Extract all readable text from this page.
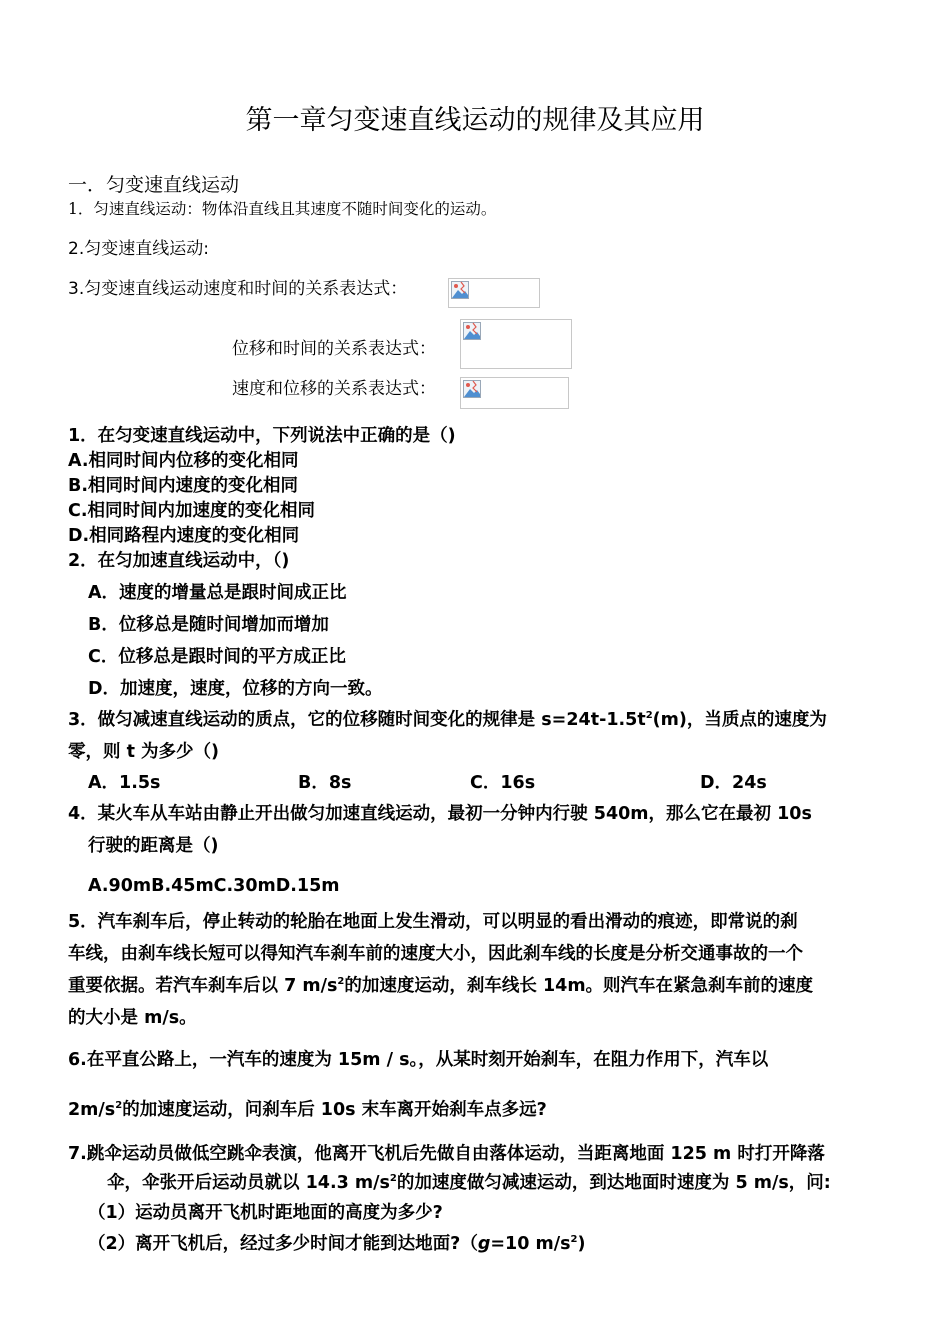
第一章匀变速直线运动的规律及其应用
一．匀变速直线运动
1．匀速直线运动：物体沿直线且其速度不随时间变化的运动。
2.匀变速直线运动:
3.匀变速直线运动速度和时间的关系表达式：
位移和时间的关系表达式：
速度和位移的关系表达式：
1．在匀变速直线运动中，下列说法中正确的是（)
A.相同时间内位移的变化相同
B.相同时间内速度的变化相同
C.相同时间内加速度的变化相同
D.相同路程内速度的变化相同
2．在匀加速直线运动中，（)
A．速度的增量总是跟时间成正比
B．位移总是随时间增加而增加
C．位移总是跟时间的平方成正比
D．加速度，速度，位移的方向一致。
3．做匀减速直线运动的质点，它的位移随时间变化的规律是 $s=24t-1.5t^2(m)$，当质点的速度为
零，则 t 为多少（)
A．1.5s	B．8s	C．16s	D．24s
4．某火车从车站由静止开出做匀加速直线运动，最初一分钟内行驶 540m，那么它在最初 10s
行驶的距离是（)
A.90mB.45mC.30mD.15m
5．汽车刹车后，停止转动的轮胎在地面上发生滑动，可以明显的看出滑动的痕迹，即常说的刹
车线，由刹车线长短可以得知汽车刹车前的速度大小，因此刹车线的长度是分析交通事故的一个
重要依据。若汽车刹车后以 7 $m/s^2$的加速度运动，刹车线长 14m。则汽车在紧急刹车前的速度
的大小是 m/s。
6.在平直公路上，一汽车的速度为 15m / s。，从某时刻开始刹车，在阻力作用下，汽车以
$2m/s^2$的加速度运动，问刹车后 10s 末车离开始刹车点多远?
7.跳伞运动员做低空跳伞表演，他离开飞机后先做自由落体运动，当距离地面 125 m 时打开降落
伞，伞张开后运动员就以 14.3 $m/s^2$的加速度做匀减速运动，到达地面时速度为 5 m/s，问:
（1）运动员离开飞机时距地面的高度为多少?
（2）离开飞机后，经过多少时间才能到达地面?（g=10 $m/s^2$)
